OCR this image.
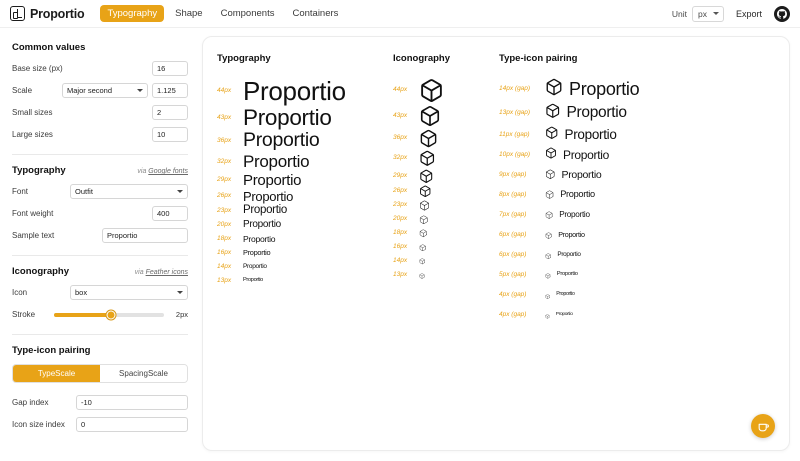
Proportio	Typography	Shape	Components	Containers	Unit px	Export
Common values
Base size (px)	16
Scale	Major second	1.125
Small sizes	2
Large sizes	10
Typography	via Google fonts
Font	Outfit
Font weight	400
Sample text	Proportio
Iconography	via Feather icons
Icon	box
Stroke	2px
Type-icon pairing
TypeScale	SpacingScale
Gap index	-10
Icon size index	0
Typography
44px Proportio
43px Proportio
36px Proportio
32px Proportio
29px Proportio
26px Proportio
23px	Proportio
20px	Proportio
18px	Proportio
16px	Proportio
14px	Proportio
13px	Proportio
Iconography
44px
43px
36px
32px
29px
26px
23px
20px
18px
16px
14px
13px
Type-icon pairing
14px (gap)	Proportio
13px (gap)	Proportio
11px (gap)	Proportio
10px (gap)	Proportio
9px (gap)	Proportio
8px (gap)	Proportio
7px (gap)	Proportio
6px (gap)	Proportio
6px (gap)	Proportio
5px (gap)	Proportio
4px (gap)	Proportio
4px (gap)	Proportio
